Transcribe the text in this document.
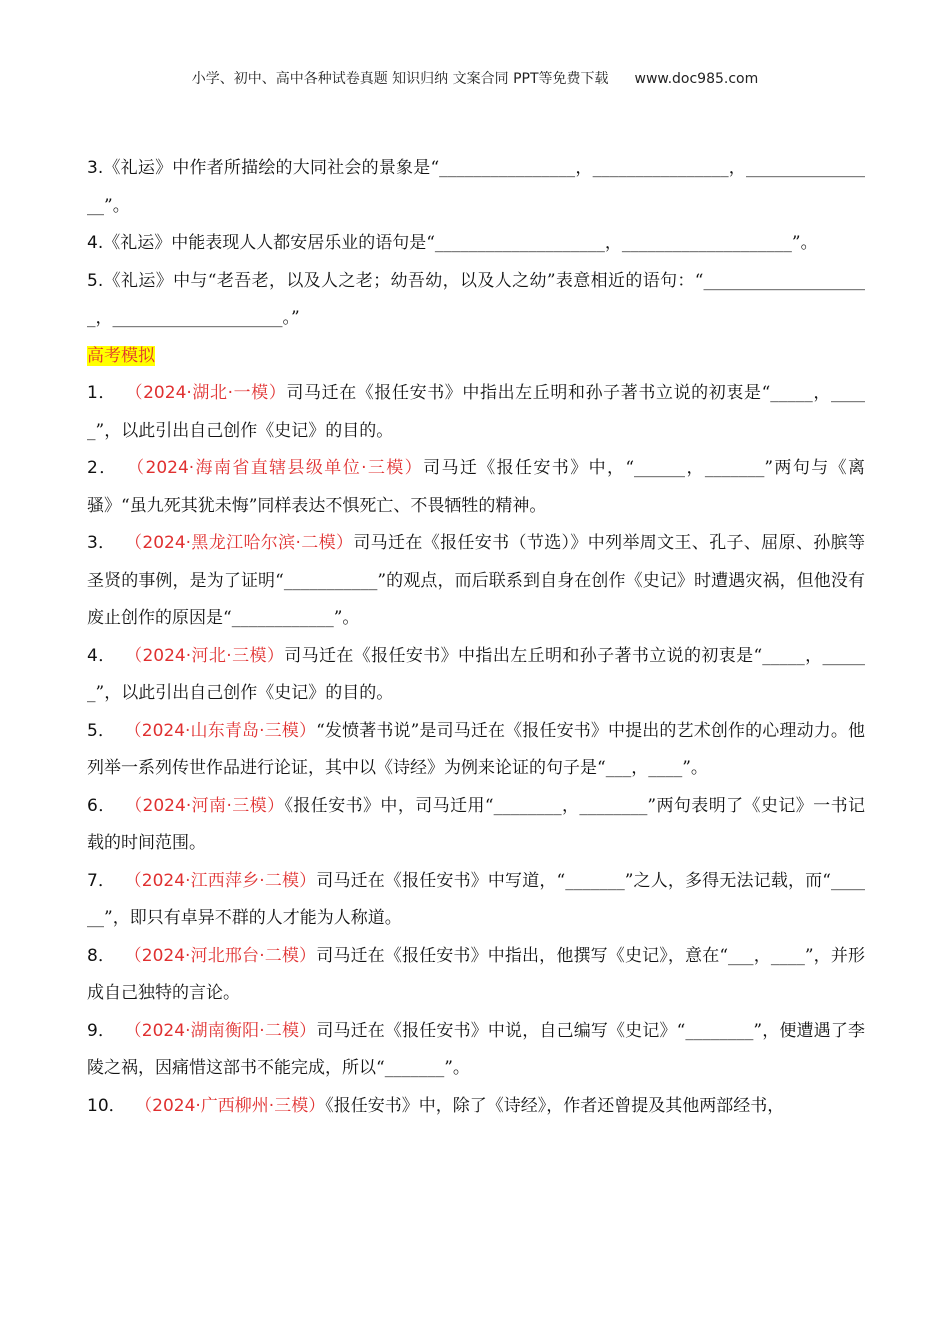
小学、初中、高中各种试卷真题 知识归纳 文案合同 PPT等免费下载 www.doc985.com

3.《礼运》中作者所描绘的大同社会的景象是“________________，________________，________________”。

4.《礼运》中能表现人人都安居乐业的语句是“____________________，____________________”。

5.《礼运》中与“老吾老，以及人之老；幼吾幼，以及人之幼”表意相近的语句：“____________________，____________________。”

高考模拟

1． （2024·湖北·一模）司马迁在《报任安书》中指出左丘明和孙子著书立说的初衷是“_____，_____”，以此引出自己创作《史记》的目的。

2． （2024·海南省直辖县级单位·三模）司马迁《报任安书》中，“______，_______”两句与《离骚》“虽九死其犹未悔”同样表达不惧死亡、不畏牺牲的精神。

3． （2024·黑龙江哈尔滨·二模）司马迁在《报任安书（节选）》中列举周文王、孔子、屈原、孙膑等圣贤的事例，是为了证明“___________”的观点，而后联系到自身在创作《史记》时遭遇灾祸，但他没有废止创作的原因是“____________”。

4． （2024·河北·三模）司马迁在《报任安书》中指出左丘明和孙子著书立说的初衷是“_____，______”，以此引出自己创作《史记》的目的。

5． （2024·山东青岛·三模）“发愤著书说”是司马迁在《报任安书》中提出的艺术创作的心理动力。他列举一系列传世作品进行论证，其中以《诗经》为例来论证的句子是“___，____”。

6． （2024·河南·三模）《报任安书》中，司马迁用“________，________”两句表明了《史记》一书记载的时间范围。

7． （2024·江西萍乡·二模）司马迁在《报任安书》中写道，“_______”之人，多得无法记载，而“______”，即只有卓异不群的人才能为人称道。

8． （2024·河北邢台·二模）司马迁在《报任安书》中指出，他撰写《史记》，意在“___，____”，并形成自己独特的言论。

9． （2024·湖南衡阳·二模）司马迁在《报任安书》中说，自己编写《史记》“________”，便遭遇了李陵之祸，因痛惜这部书不能完成，所以“_______”。

10． （2024·广西柳州·三模）《报任安书》中，除了《诗经》，作者还曾提及其他两部经书，
